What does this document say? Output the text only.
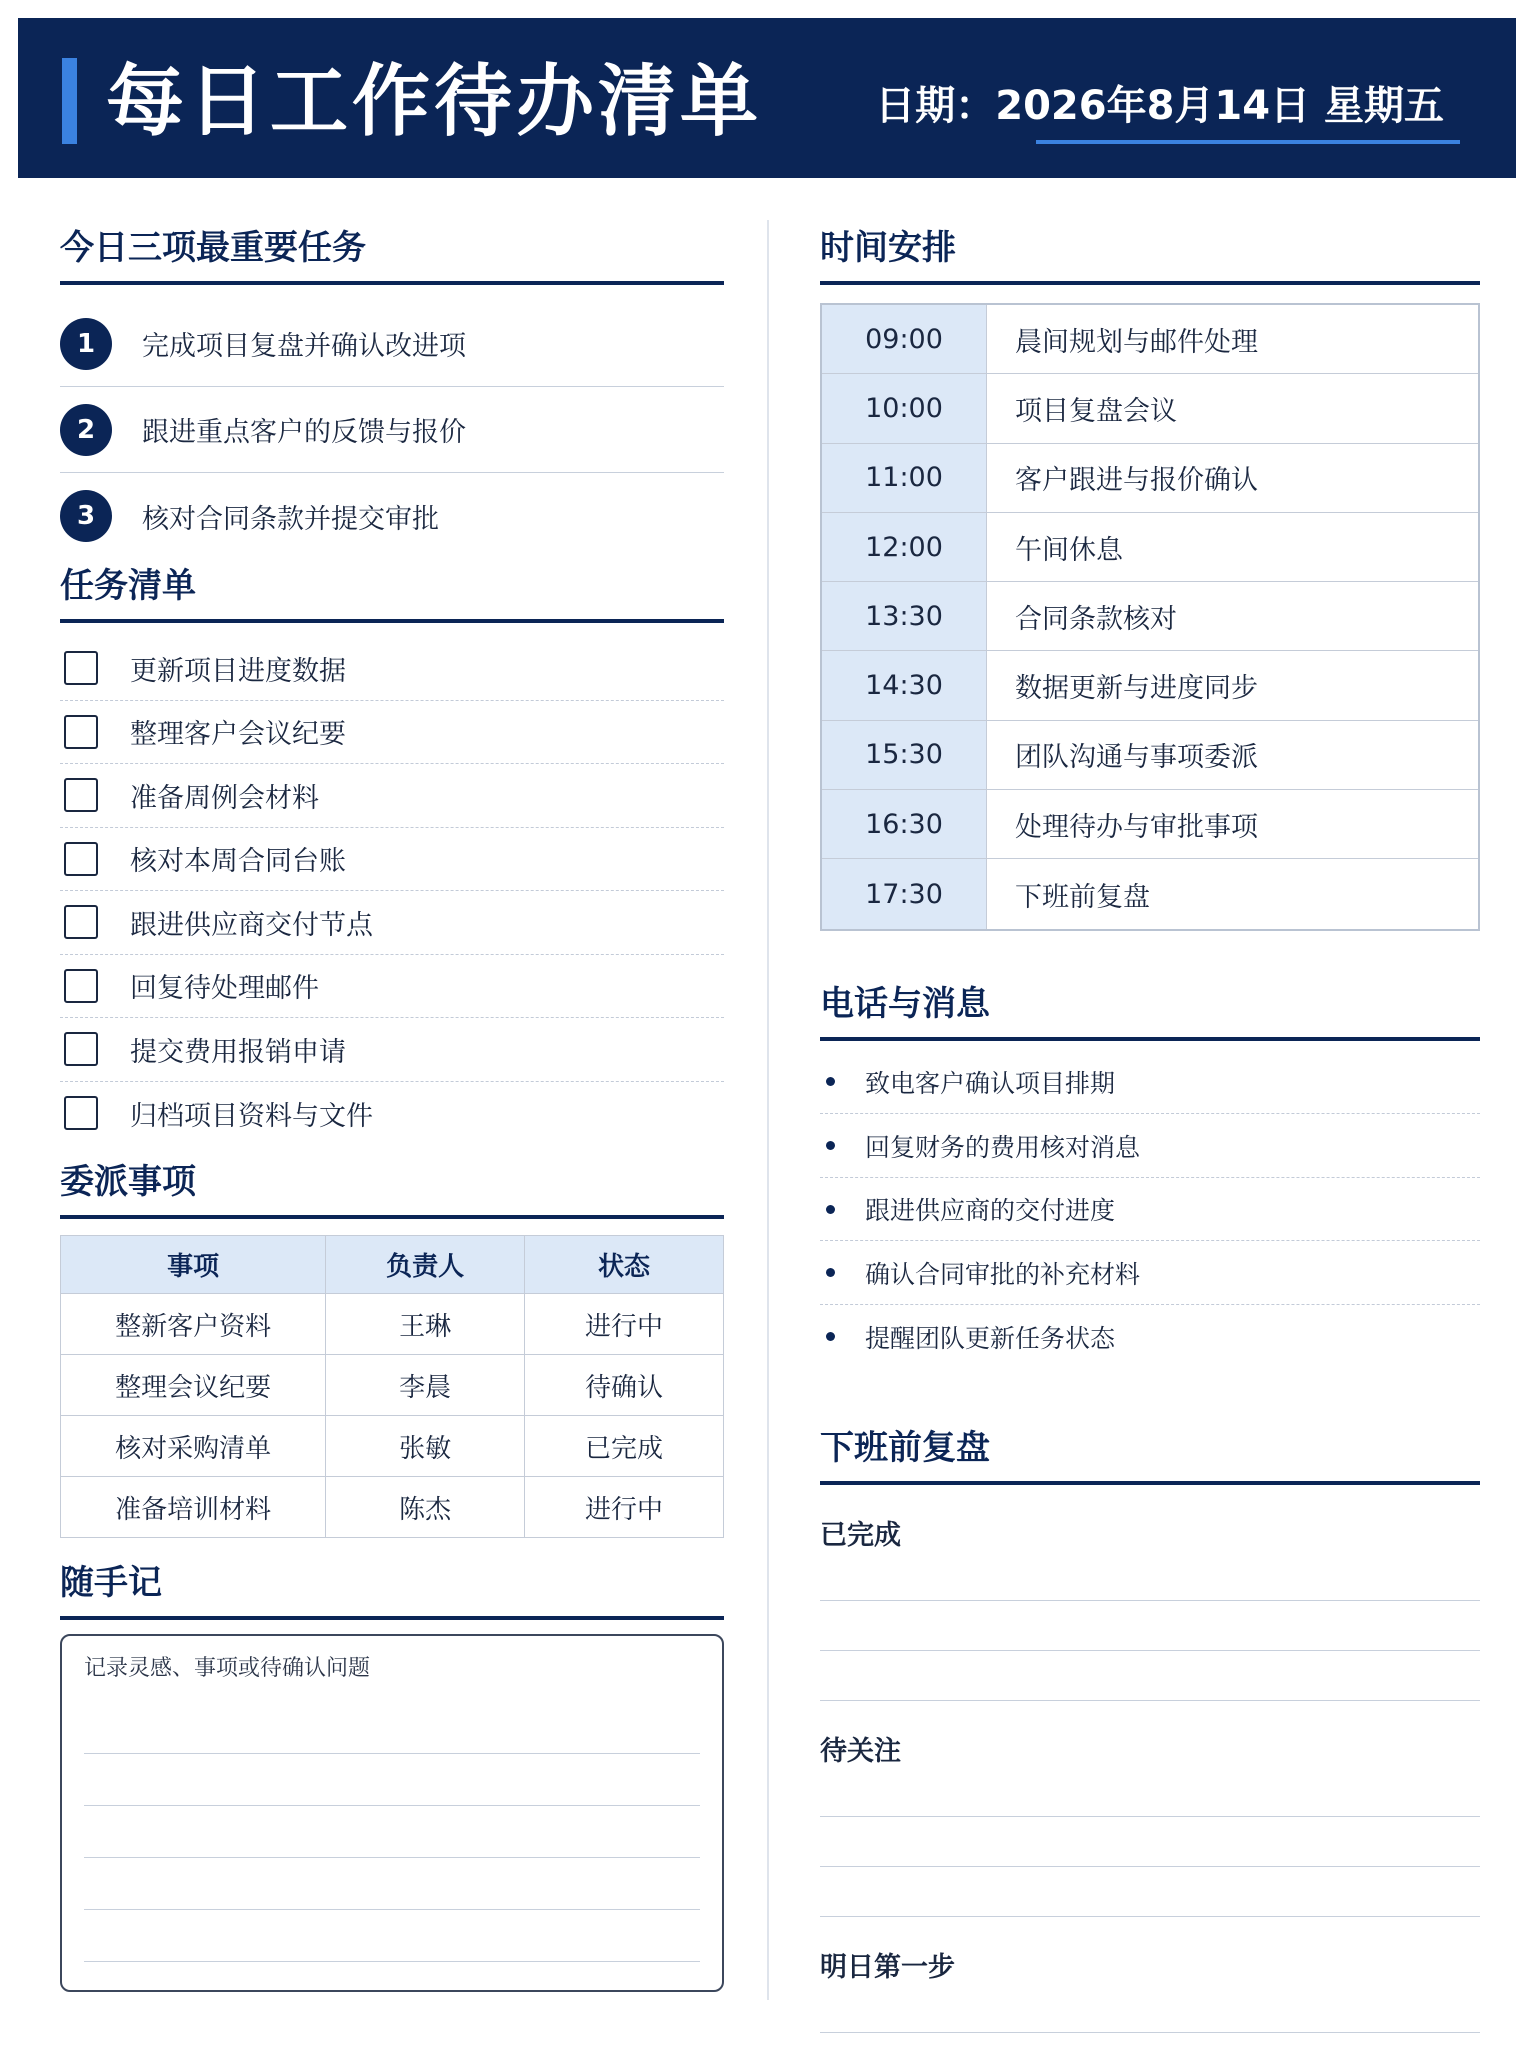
每日工作待办清单	日期：2026年8月14日 星期五
今日三项最重要任务
1	完成项目复盘并确认改进项
2	跟进重点客户的反馈与报价
3	核对合同条款并提交审批
任务清单
更新项目进度数据
整理客户会议纪要
准备周例会材料
核对本周合同台账
跟进供应商交付节点
回复待处理邮件
提交费用报销申请
归档项目资料与文件
委派事项
事项	负责人	状态
整新客户资料	王琳	进行中
整理会议纪要	李晨	待确认
核对采购清单	张敏	已完成
准备培训材料	陈杰	进行中
随手记
记录灵感、事项或待确认问题
时间安排
09:00	晨间规划与邮件处理
10:00	项目复盘会议
11:00	客户跟进与报价确认
12:00	午间休息
13:30	合同条款核对
14:30	数据更新与进度同步
15:30	团队沟通与事项委派
16:30	处理待办与审批事项
17:30	下班前复盘
电话与消息
致电客户确认项目排期
回复财务的费用核对消息
跟进供应商的交付进度
确认合同审批的补充材料
提醒团队更新任务状态
下班前复盘
已完成
待关注
明日第一步
